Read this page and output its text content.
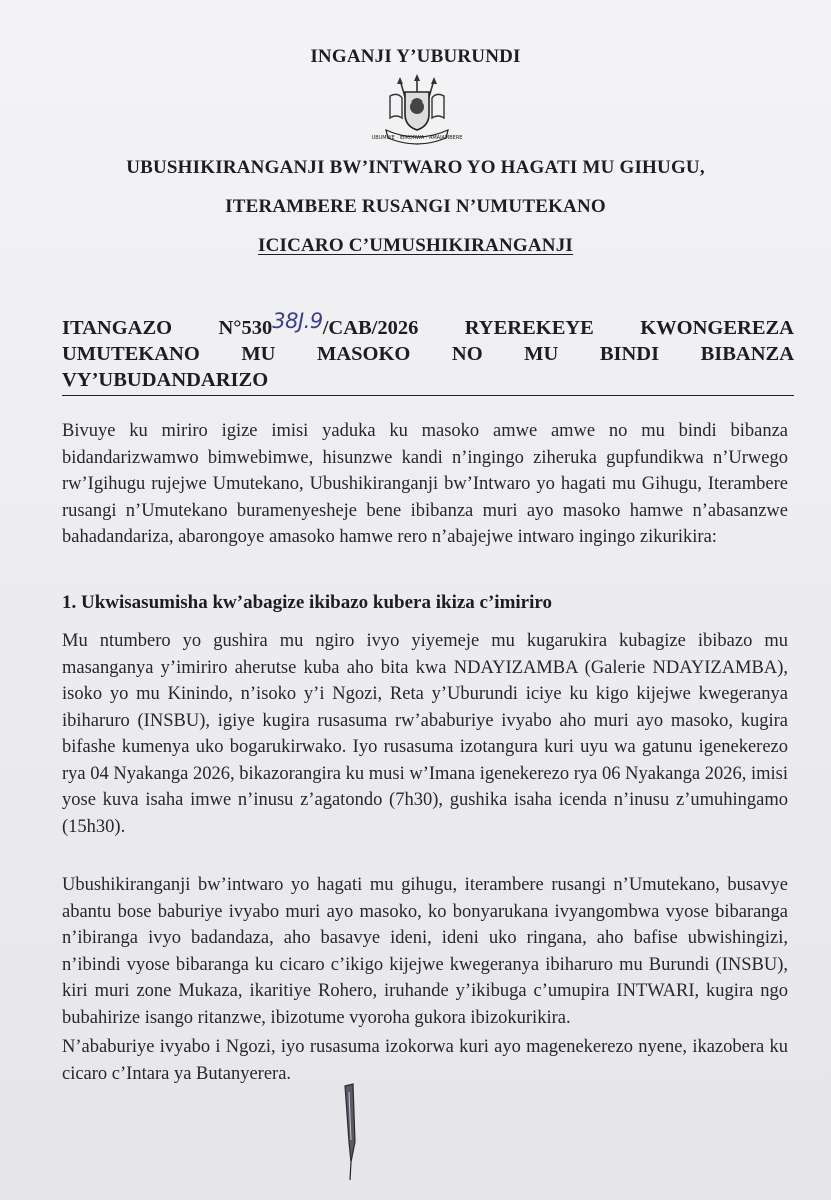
INGANJI Y’UBURUNDI
UBUMWE · IBIKORWA · AMAJAMBERE
UBUSHIKIRANGANJI BW’INTWARO YO HAGATI MU GIHUGU,
ITERAMBERE RUSANGI N’UMUTEKANO
ICICARO C’UMUSHIKIRANGANJI
ITANGAZO N°53038J.9/CAB/2026 RYEREKEYE KWONGEREZA
UMUTEKANO MU MASOKO NO MU BINDI BIBANZA
VY’UBUDANDARIZO
Bivuye ku miriro igize imisi yaduka ku masoko amwe amwe no mu bindi bibanza bidandarizwamwo bimwebimwe, hisunzwe kandi n’ingingo ziheruka gupfundikwa n’Urwego rw’Igihugu rujejwe Umutekano, Ubushikiranganji bw’Intwaro yo hagati mu Gihugu, Iterambere rusangi n’Umutekano buramenyesheje bene ibibanza muri ayo masoko hamwe n’abasanzwe bahadandariza, abarongoye amasoko hamwe rero n’abajejwe intwaro ingingo zikurikira:
1. Ukwisasumisha kw’abagize ikibazo kubera ikiza c’imiriro
Mu ntumbero yo gushira mu ngiro ivyo yiyemeje mu kugarukira kubagize ibibazo mu masanganya y’imiriro aherutse kuba aho bita kwa NDAYIZAMBA (Galerie NDAYIZAMBA), isoko yo mu Kinindo, n’isoko y’i Ngozi, Reta y’Uburundi iciye ku kigo kijejwe kwegeranya ibiharuro (INSBU), igiye kugira rusasuma rw’ababuriye ivyabo aho muri ayo masoko, kugira bifashe kumenya uko bogarukirwako. Iyo rusasuma izotangura kuri uyu wa gatunu igenekerezo rya 04 Nyakanga 2026, bikazorangira ku musi w’Imana igenekerezo rya 06 Nyakanga 2026, imisi yose kuva isaha imwe n’inusu z’agatondo (7h30), gushika isaha icenda n’inusu z’umuhingamo (15h30).
Ubushikiranganji bw’intwaro yo hagati mu gihugu, iterambere rusangi n’Umutekano, busavye abantu bose baburiye ivyabo muri ayo masoko, ko bonyarukana ivyangombwa vyose bibaranga n’ibiranga ivyo badandaza, aho basavye ideni, ideni uko ringana, aho bafise ubwishingizi, n’ibindi vyose bibaranga ku cicaro c’ikigo kijejwe kwegeranya ibiharuro mu Burundi (INSBU), kiri muri zone Mukaza, ikaritiye Rohero, iruhande y’ikibuga c’umupira INTWARI, kugira ngo bubahirize isango ritanzwe, ibizotume vyoroha gukora ibizokurikira.
N’ababuriye ivyabo i Ngozi, iyo rusasuma izokorwa kuri ayo magenekerezo nyene, ikazobera ku cicaro c’Intara ya Butanyerera.
